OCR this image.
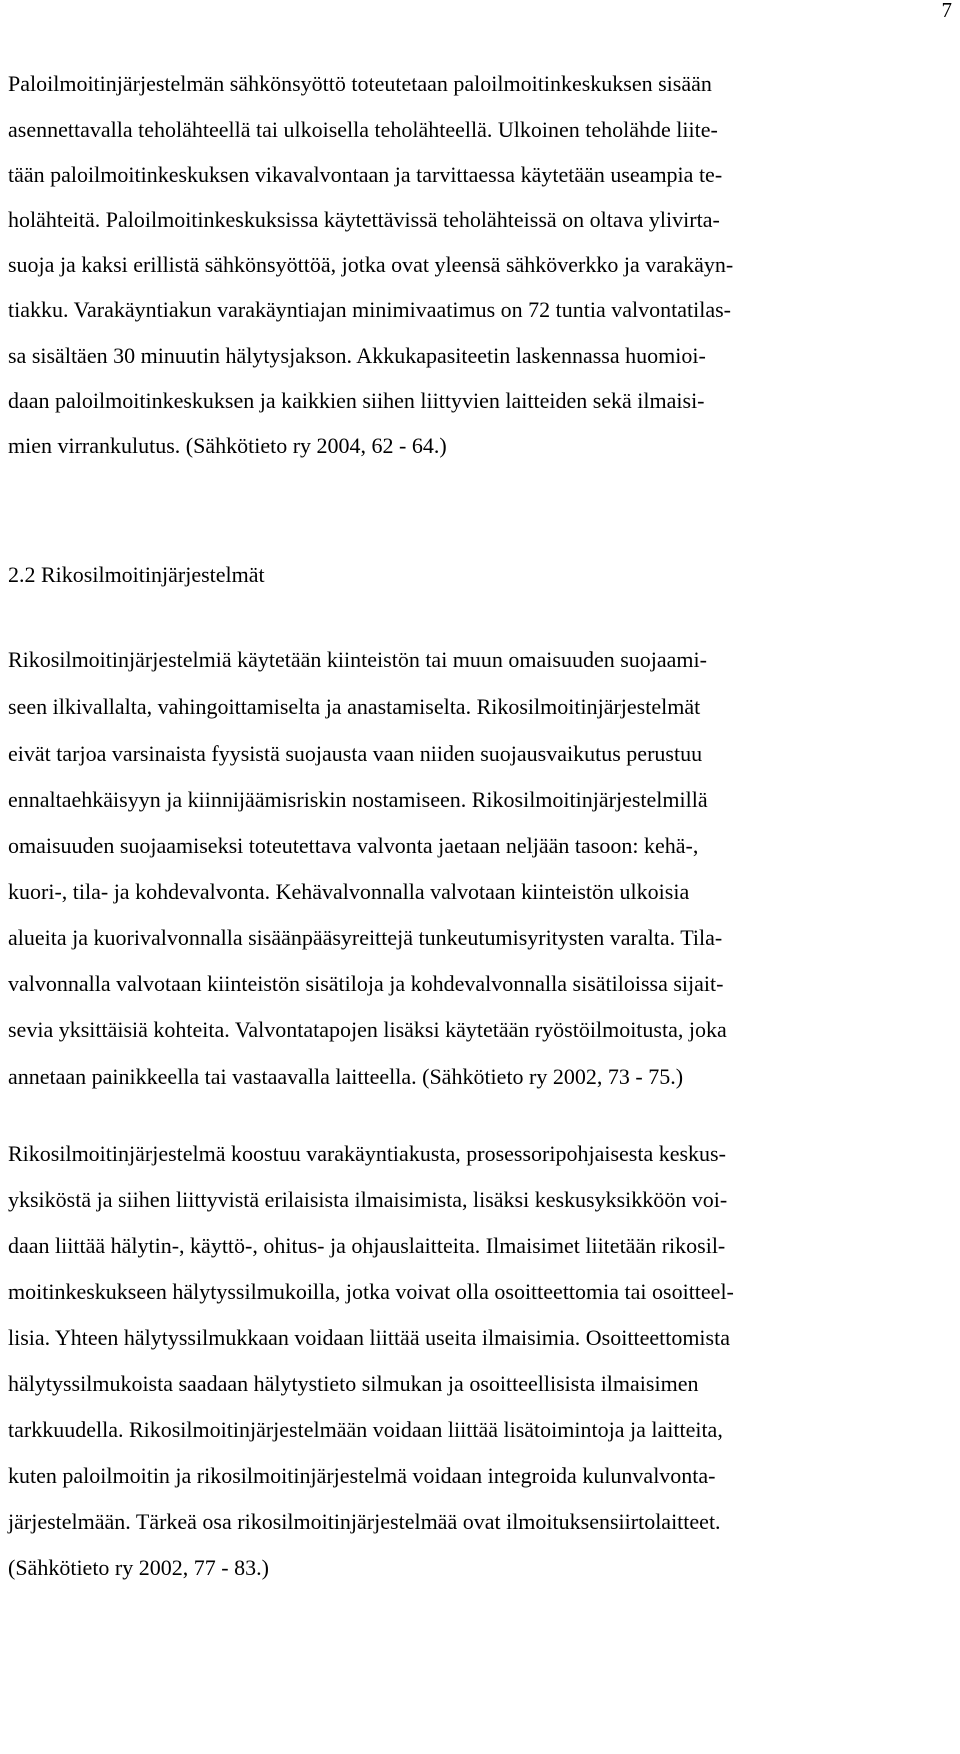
7
Paloilmoitinjärjestelmän sähkönsyöttö toteutetaan paloilmoitinkeskuksen sisään
asennettavalla teholähteellä tai ulkoisella teholähteellä. Ulkoinen teholähde liite-
tään paloilmoitinkeskuksen vikavalvontaan ja tarvittaessa käytetään useampia te-
holähteitä. Paloilmoitinkeskuksissa käytettävissä teholähteissä on oltava ylivirta-
suoja ja kaksi erillistä sähkönsyöttöä, jotka ovat yleensä sähköverkko ja varakäyn-
tiakku. Varakäyntiakun varakäyntiajan minimivaatimus on 72 tuntia valvontatilas-
sa sisältäen 30 minuutin hälytysjakson. Akkukapasiteetin laskennassa huomioi-
daan paloilmoitinkeskuksen ja kaikkien siihen liittyvien laitteiden sekä ilmaisi-
mien virrankulutus. (Sähkötieto ry 2004, 62 - 64.)
2.2 Rikosilmoitinjärjestelmät
Rikosilmoitinjärjestelmiä käytetään kiinteistön tai muun omaisuuden suojaami-
seen ilkivallalta, vahingoittamiselta ja anastamiselta. Rikosilmoitinjärjestelmät
eivät tarjoa varsinaista fyysistä suojausta vaan niiden suojausvaikutus perustuu
ennaltaehkäisyyn ja kiinnijäämisriskin nostamiseen. Rikosilmoitinjärjestelmillä
omaisuuden suojaamiseksi toteutettava valvonta jaetaan neljään tasoon: kehä-,
kuori-, tila- ja kohdevalvonta. Kehävalvonnalla valvotaan kiinteistön ulkoisia
alueita ja kuorivalvonnalla sisäänpääsyreittejä tunkeutumisyritysten varalta. Tila-
valvonnalla valvotaan kiinteistön sisätiloja ja kohdevalvonnalla sisätiloissa sijait-
sevia yksittäisiä kohteita. Valvontatapojen lisäksi käytetään ryöstöilmoitusta, joka
annetaan painikkeella tai vastaavalla laitteella. (Sähkötieto ry 2002, 73 - 75.)
Rikosilmoitinjärjestelmä koostuu varakäyntiakusta, prosessoripohjaisesta keskus-
yksiköstä ja siihen liittyvistä erilaisista ilmaisimista, lisäksi keskusyksikköön voi-
daan liittää hälytin-, käyttö-, ohitus- ja ohjauslaitteita. Ilmaisimet liitetään rikosil-
moitinkeskukseen hälytyssilmukoilla, jotka voivat olla osoitteettomia tai osoitteel-
lisia. Yhteen hälytyssilmukkaan voidaan liittää useita ilmaisimia. Osoitteettomista
hälytyssilmukoista saadaan hälytystieto silmukan ja osoitteellisista ilmaisimen
tarkkuudella. Rikosilmoitinjärjestelmään voidaan liittää lisätoimintoja ja laitteita,
kuten paloilmoitin ja rikosilmoitinjärjestelmä voidaan integroida kulunvalvonta-
järjestelmään. Tärkeä osa rikosilmoitinjärjestelmää ovat ilmoituksensiirtolaitteet.
(Sähkötieto ry 2002, 77 - 83.)
